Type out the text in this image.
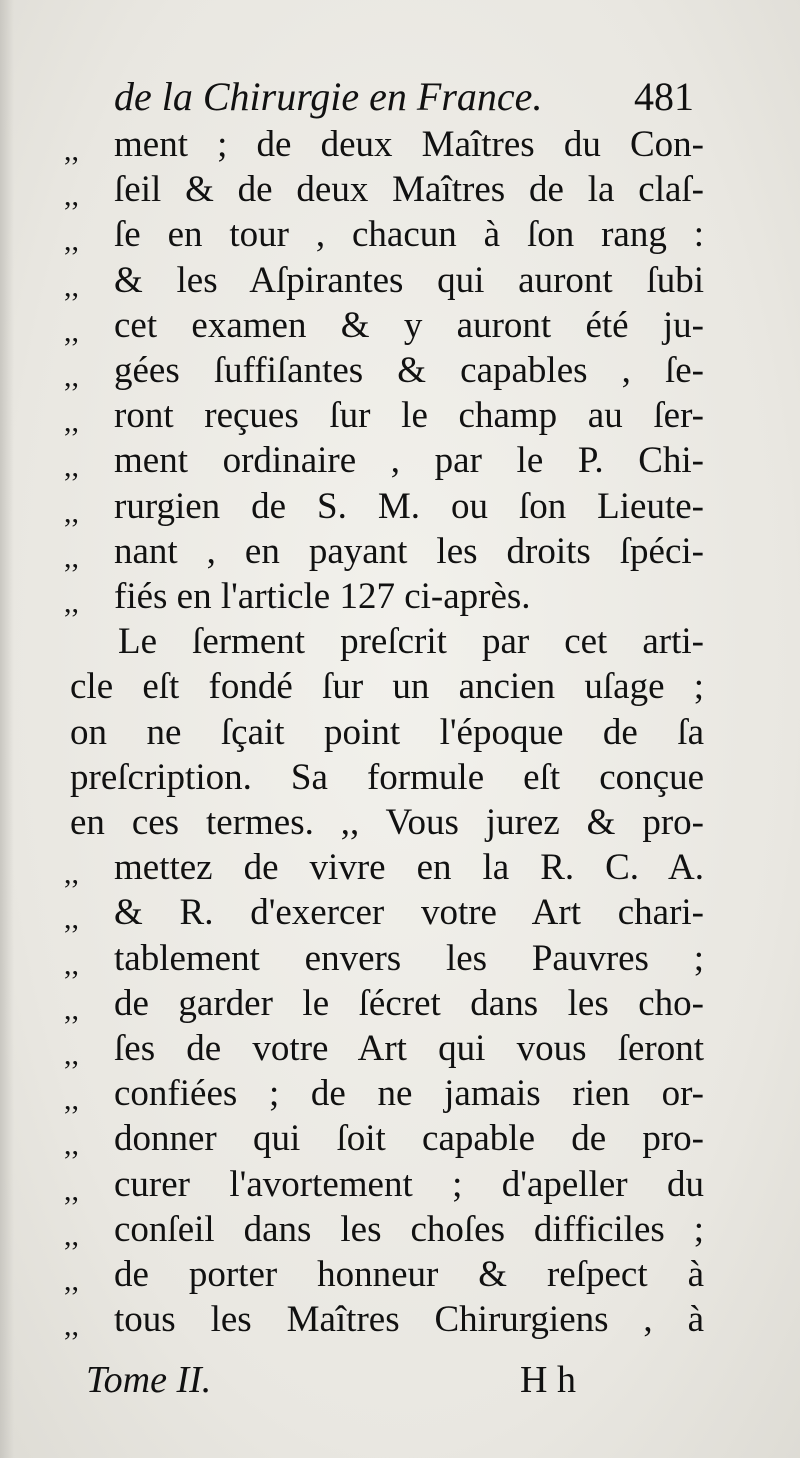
de la Chirurgie en France. 481
,, ment ; de deux Maîtres du Con-
,, ſeil & de deux Maîtres de la claſ-
,, ſe en tour , chacun à ſon rang :
,, & les Aſpirantes qui auront ſubi
,, cet examen & y auront été ju-
,, gées ſuffiſantes & capables , ſe-
,, ront reçues ſur le champ au ſer-
,, ment ordinaire , par le P. Chi-
,, rurgien de S. M. ou ſon Lieute-
,, nant , en payant les droits ſpéci-
,, fiés en l'article 127 ci-après.
Le ſerment preſcrit par cet arti-
cle eſt fondé ſur un ancien uſage ;
on ne ſçait point l'époque de ſa
preſcription. Sa formule eſt conçue
en ces termes. ,, Vous jurez & pro-
,, mettez de vivre en la R. C. A.
,, & R. d'exercer votre Art chari-
,, tablement envers les Pauvres ;
,, de garder le ſécret dans les cho-
,, ſes de votre Art qui vous ſeront
,, confiées ; de ne jamais rien or-
,, donner qui ſoit capable de pro-
,, curer l'avortement ; d'apeller du
,, conſeil dans les choſes difficiles ;
,, de porter honneur & reſpect à
,, tous les Maîtres Chirurgiens , à
Tome II.	H h
